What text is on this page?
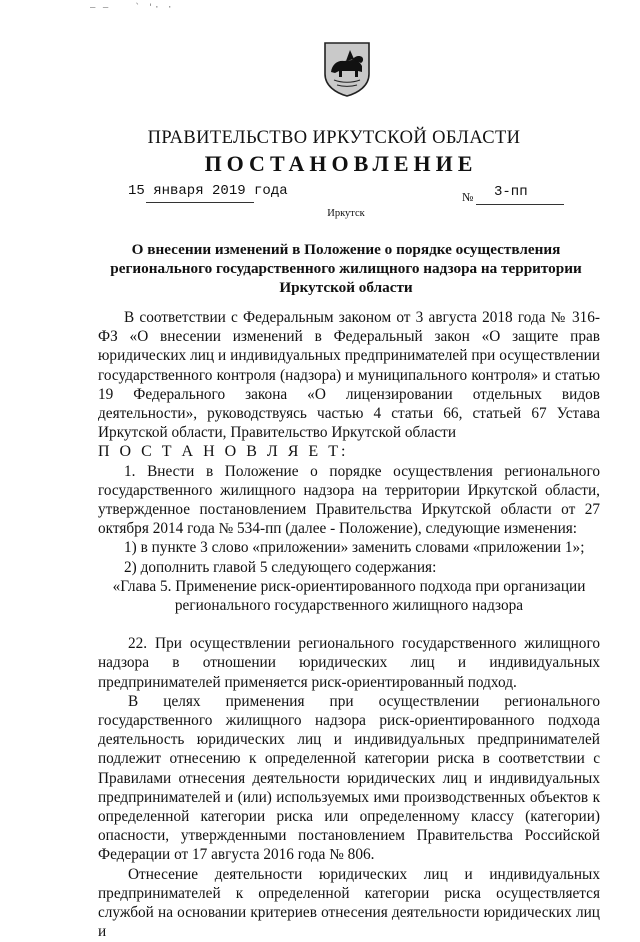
— —    ` '· ·
ПРАВИТЕЛЬСТВО ИРКУТСКОЙ ОБЛАСТИ
ПОСТАНОВЛЕНИЕ
15 января 2019 года	№ 3-пп
Иркутск
О внесении изменений в Положение о порядке осуществления
регионального государственного жилищного надзора на территории
Иркутской области

В соответствии с Федеральным законом от 3 августа 2018 года № 316-ФЗ «О внесении изменений в Федеральный закон «О защите прав юридических лиц и индивидуальных предпринимателей при осуществлении государственного контроля (надзора) и муниципального контроля» и статью 19 Федерального закона «О лицензировании отдельных видов деятельности», руководствуясь частью 4 статьи 66, статьей 67 Устава Иркутской области, Правительство Иркутской области

П О С Т А Н О В Л Я Е Т:

1. Внести в Положение о порядке осуществления регионального государственного жилищного надзора на территории Иркутской области, утвержденное постановлением Правительства Иркутской области от 27 октября 2014 года № 534-пп (далее - Положение), следующие изменения:

1) в пункте 3 слово «приложении» заменить словами «приложении 1»;

2) дополнить главой 5 следующего содержания:

«Глава 5. Применение риск-ориентированного подхода при организации

регионального государственного жилищного надзора

22. При осуществлении регионального государственного жилищного надзора в отношении юридических лиц и индивидуальных предпринимателей применяется риск-ориентированный подход.

В целях применения при осуществлении регионального государственного жилищного надзора риск-ориентированного подхода деятельность юридических лиц и индивидуальных предпринимателей подлежит отнесению к определенной категории риска в соответствии с Правилами отнесения деятельности юридических лиц и индивидуальных предпринимателей и (или) используемых ими производственных объектов к определенной категории риска или определенному классу (категории) опасности, утвержденными постановлением Правительства Российской Федерации от 17 августа 2016 года № 806.

Отнесение деятельности юридических лиц и индивидуальных предпринимателей к определенной категории риска осуществляется службой на основании критериев отнесения деятельности юридических лиц и
